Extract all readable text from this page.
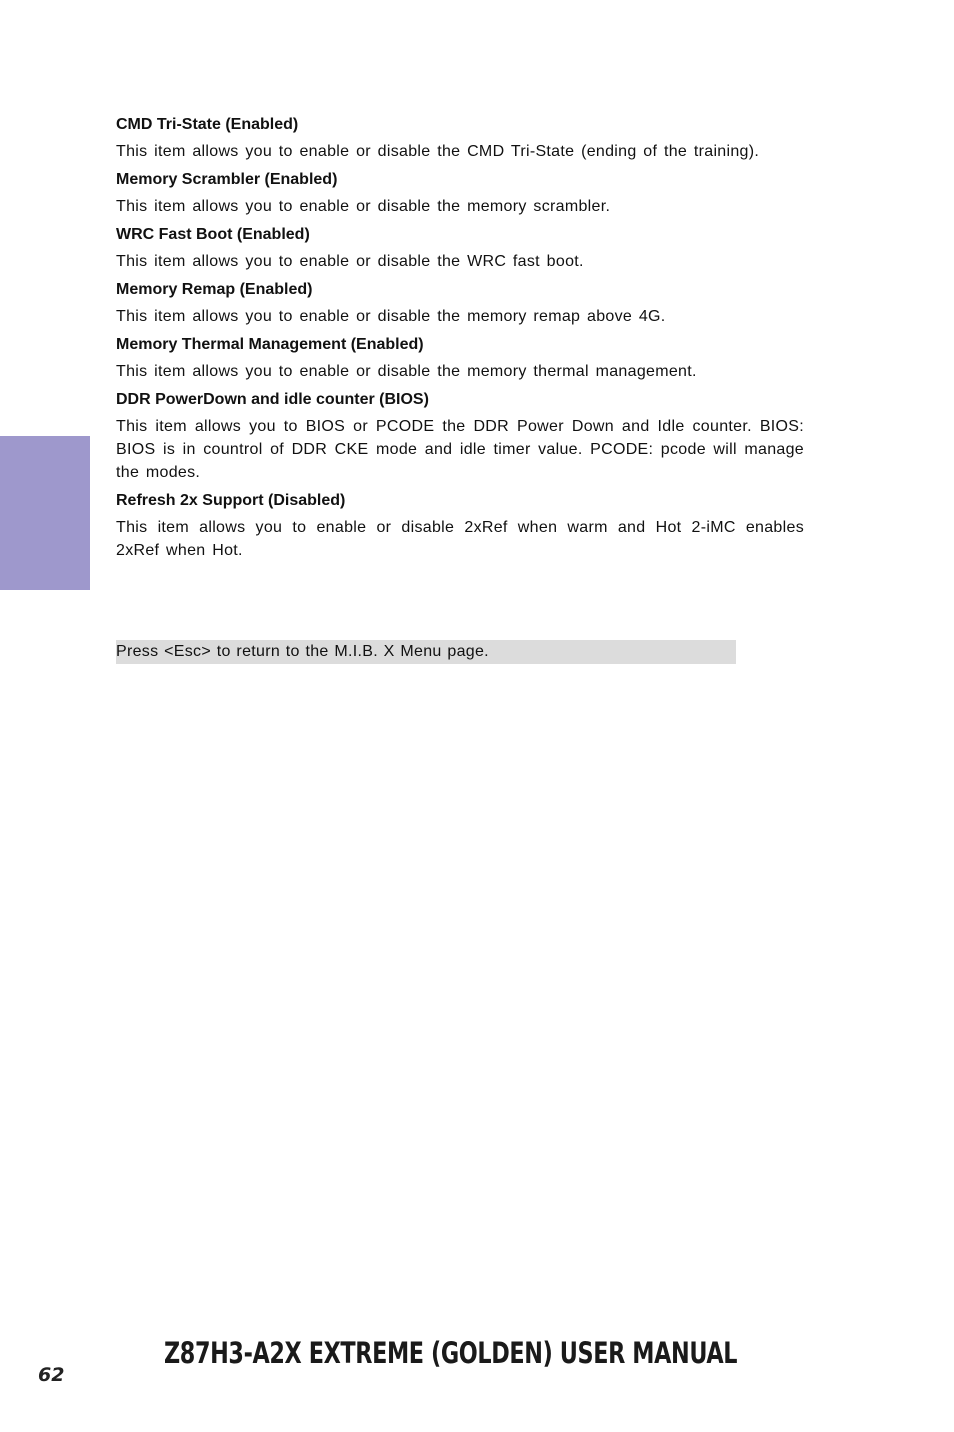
CMD Tri-State (Enabled)

This item allows you to enable or disable the CMD Tri-State (ending of the training).

Memory Scrambler (Enabled)

This item allows you to enable or disable the memory scrambler.

WRC Fast Boot (Enabled)

This item allows you to enable or disable the WRC fast boot.

Memory Remap (Enabled)

This item allows you to enable or disable the memory remap above 4G.

Memory Thermal Management (Enabled)

This item allows you to enable or disable the memory thermal management.

DDR PowerDown and idle counter (BIOS)

This item allows you to BIOS or PCODE the DDR Power Down and Idle counter. BIOS: BIOS is in countrol of DDR CKE mode and idle timer value. PCODE: pcode will manage the modes.

Refresh 2x Support (Disabled)

This item allows you to enable or disable 2xRef when warm and Hot 2-iMC enables 2xRef when Hot.

Press <Esc> to return to the M.I.B. X Menu page.
62
Z87H3-A2X EXTREME (GOLDEN) USER MANUAL
